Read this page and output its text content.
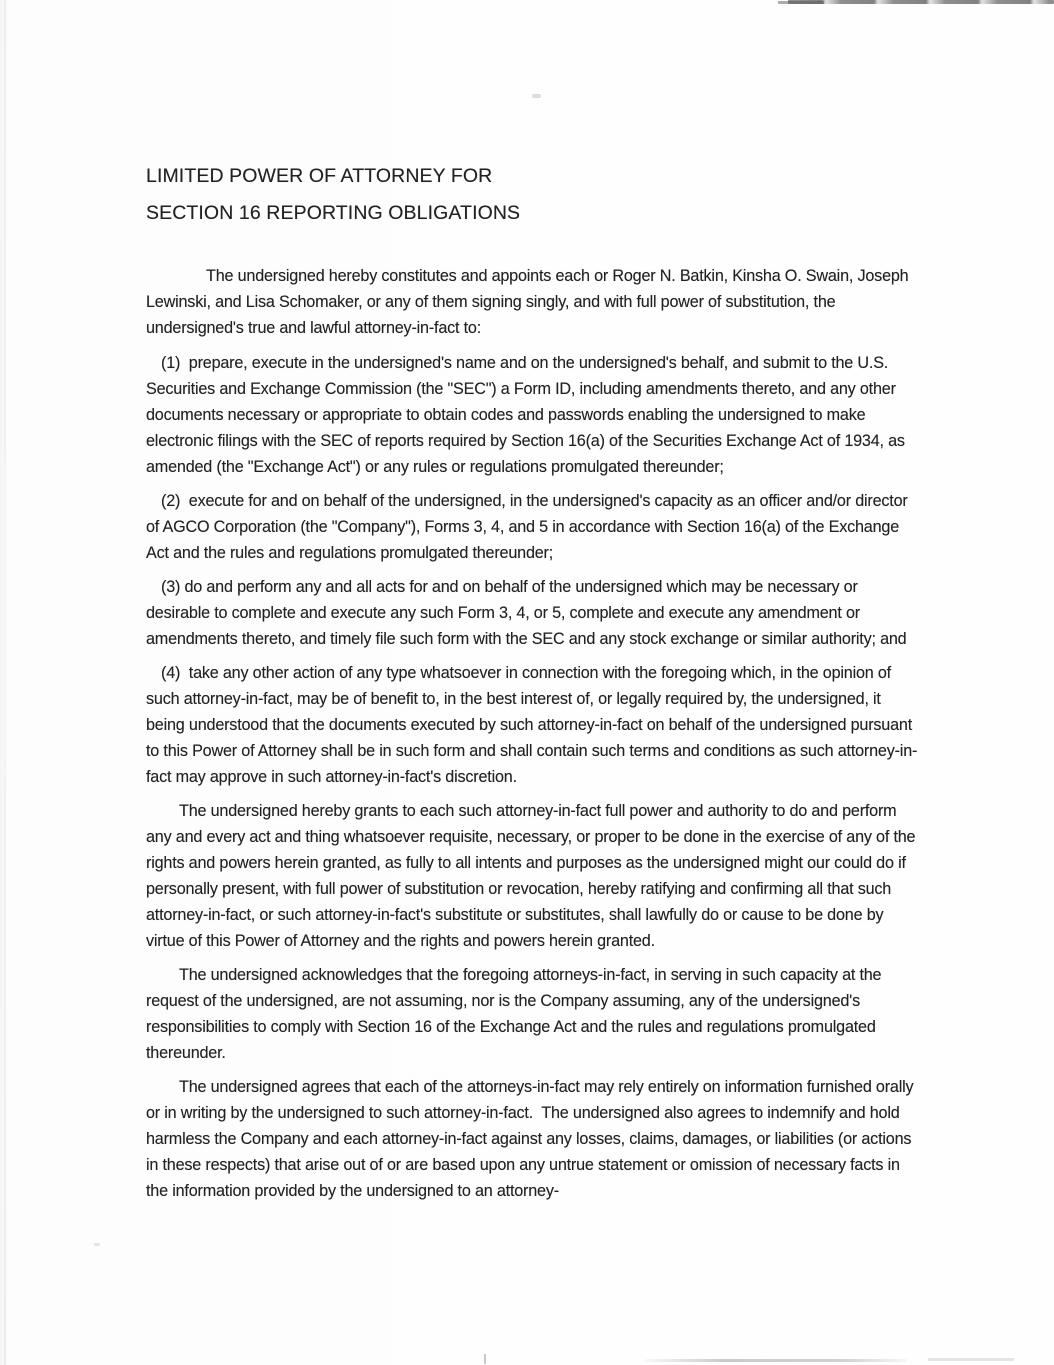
LIMITED POWER OF ATTORNEY FOR
SECTION 16 REPORTING OBLIGATIONS

The undersigned hereby constitutes and appoints each or Roger N. Batkin, Kinsha O. Swain, Joseph Lewinski, and Lisa Schomaker, or any of them signing singly, and with full power of substitution, the undersigned's true and lawful attorney-in-fact to:

(1)  prepare, execute in the undersigned's name and on the undersigned's behalf, and submit to the U.S. Securities and Exchange Commission (the "SEC") a Form ID, including amendments thereto, and any other documents necessary or appropriate to obtain codes and passwords enabling the undersigned to make electronic filings with the SEC of reports required by Section 16(a) of the Securities Exchange Act of 1934, as amended (the "Exchange Act") or any rules or regulations promulgated thereunder;

(2)  execute for and on behalf of the undersigned, in the undersigned's capacity as an officer and/or director of AGCO Corporation (the "Company"), Forms 3, 4, and 5 in accordance with Section 16(a) of the Exchange Act and the rules and regulations promulgated thereunder;

(3) do and perform any and all acts for and on behalf of the undersigned which may be necessary or desirable to complete and execute any such Form 3, 4, or 5, complete and execute any amendment or amendments thereto, and timely file such form with the SEC and any stock exchange or similar authority; and

(4)  take any other action of any type whatsoever in connection with the foregoing which, in the opinion of such attorney-in-fact, may be of benefit to, in the best interest of, or legally required by, the undersigned, it being understood that the documents executed by such attorney-in-fact on behalf of the undersigned pursuant to this Power of Attorney shall be in such form and shall contain such terms and conditions as such attorney-in-fact may approve in such attorney-in-fact's discretion.

The undersigned hereby grants to each such attorney-in-fact full power and authority to do and perform any and every act and thing whatsoever requisite, necessary, or proper to be done in the exercise of any of the rights and powers herein granted, as fully to all intents and purposes as the undersigned might our could do if personally present, with full power of substitution or revocation, hereby ratifying and confirming all that such attorney-in-fact, or such attorney-in-fact's substitute or substitutes, shall lawfully do or cause to be done by virtue of this Power of Attorney and the rights and powers herein granted.

The undersigned acknowledges that the foregoing attorneys-in-fact, in serving in such capacity at the request of the undersigned, are not assuming, nor is the Company assuming, any of the undersigned's responsibilities to comply with Section 16 of the Exchange Act and the rules and regulations promulgated thereunder.

The undersigned agrees that each of the attorneys-in-fact may rely entirely on information furnished orally or in writing by the undersigned to such attorney-in-fact.  The undersigned also agrees to indemnify and hold harmless the Company and each attorney-in-fact against any losses, claims, damages, or liabilities (or actions in these respects) that arise out of or are based upon any untrue statement or omission of necessary facts in the information provided by the undersigned to an attorney-
